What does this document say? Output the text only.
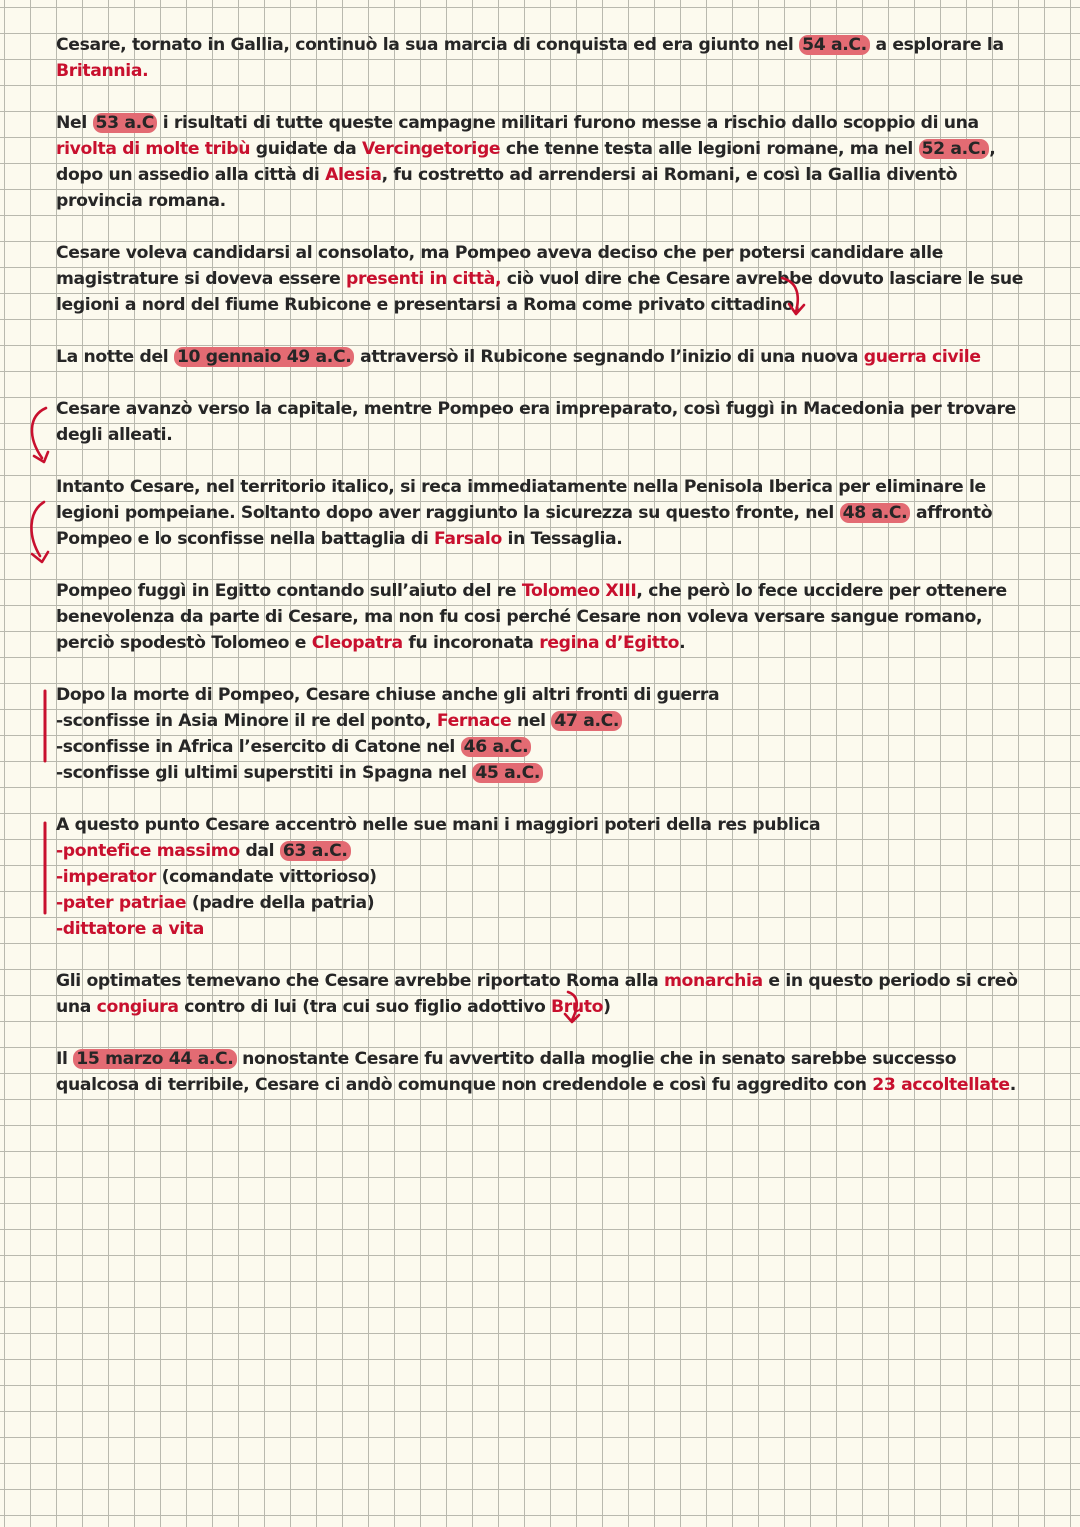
Cesare, tornato in Gallia, continuò la sua marcia di conquista ed era giunto nel 54 a.C. a esplorare la Britannia.

Nel 53 a.C i risultati di tutte queste campagne militari furono messe a rischio dallo scoppio di una rivolta di molte tribù guidate da Vercingetorige che tenne testa alle legioni romane, ma nel 52 a.C. , dopo un assedio alla città di Alesia, fu costretto ad arrendersi ai Romani, e così la Gallia diventò provincia romana.

Cesare voleva candidarsi al consolato, ma Pompeo aveva deciso che per potersi candidare alle magistrature si doveva essere presenti in città, ciò vuol dire che Cesare avrebbe dovuto lasciare le sue legioni a nord del fiume Rubicone e presentarsi a Roma come privato cittadino.

La notte del 10 gennaio 49 a.C. attraversò il Rubicone segnando l’inizio di una nuova guerra civile

Cesare avanzò verso la capitale, mentre Pompeo era impreparato, così fuggì in Macedonia per trovare degli alleati.

Intanto Cesare, nel territorio italico, si reca immediatamente nella Penisola Iberica per eliminare le legioni pompeiane. Soltanto dopo aver raggiunto la sicurezza su questo fronte, nel 48 a.C. affrontò Pompeo e lo sconfisse nella battaglia di Farsalo in Tessaglia.

Pompeo fuggì in Egitto contando sull’aiuto del re Tolomeo XIII, che però lo fece uccidere per ottenere benevolenza da parte di Cesare, ma non fu cosi perché Cesare non voleva versare sangue romano, perciò spodestò Tolomeo e Cleopatra fu incoronata regina d’Egitto.

Dopo la morte di Pompeo, Cesare chiuse anche gli altri fronti di guerra
-sconfisse in Asia Minore il re del ponto, Fernace nel 47 a.C.
-sconfisse in Africa l’esercito di Catone nel 46 a.C.
-sconfisse gli ultimi superstiti in Spagna nel 45 a.C.
A questo punto Cesare accentrò nelle sue mani i maggiori poteri della res publica
-pontefice massimo dal 63 a.C.
-imperator (comandate vittorioso)
-pater patriae (padre della patria)
-dittatore a vita

Gli optimates temevano che Cesare avrebbe riportato Roma alla monarchia e in questo periodo si creò una congiura contro di lui (tra cui suo figlio adottivo Bruto)

Il 15 marzo 44 a.C. nonostante Cesare fu avvertito dalla moglie che in senato sarebbe successo qualcosa di terribile, Cesare ci andò comunque non credendole e così fu aggredito con 23 accoltellate.
